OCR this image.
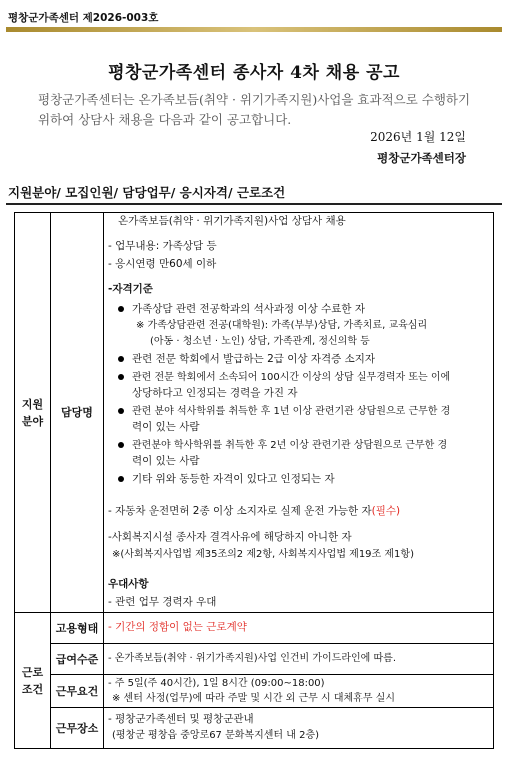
평창군가족센터 제2026-003호
평창군가족센터 종사자 4차 채용 공고
평창군가족센터는 온가족보듬(취약 · 위기가족지원)사업을 효과적으로 수행하기
위하여 상담사 채용을 다음과 같이 공고합니다.
2026년 1월 12일
평창군가족센터장
지원분야/ 모집인원/ 담당업무/ 응시자격/ 근로조건
지원
분야
담당명
온가족보듬(취약 · 위기가족지원)사업 상담사 채용
- 업무내용: 가족상담 등
- 응시연령 만60세 이하
-자격기준
가족상담 관련 전공학과의 석사과정 이상 수료한 자
※ 가족상담관련 전공(대학원): 가족(부부)상담, 가족치료, 교육심리
(아동 · 청소년 · 노인) 상담, 가족관계, 정신의학 등
관련 전문 학회에서 발급하는 2급 이상 자격증 소지자
관련 전문 학회에서 소속되어 100시간 이상의 상담 실무경력자 또는 이에
상당하다고 인정되는 경력을 가진 자
관련 분야 석사학위를 취득한 후 1년 이상 관련기관 상담원으로 근무한 경
력이 있는 사람
관련분야 학사학위를 취득한 후 2년 이상 관련기관 상담원으로 근무한 경
력이 있는 사람
기타 위와 동등한 자격이 있다고 인정되는 자
- 자동차 운전면허 2종 이상 소지자로 실제 운전 가능한 자(필수)
-사회복지시설 종사자 결격사유에 해당하지 아니한 자
※(사회복지사업법 제35조의2 제2항, 사회복지사업법 제19조 제1항)
우대사항
- 관련 업무 경력자 우대
근로
조건
고용형태 - 기간의 정함이 없는 근로계약
급여수준 - 온가족보듬(취약 · 위기가족지원)사업 인건비 가이드라인에 따름.
근무요건
- 주 5일(주 40시간), 1일 8시간 (09:00~18:00)
※ 센터 사정(업무)에 따라 주말 및 시간 외 근무 시 대체휴무 실시
근무장소
- 평창군가족센터 및 평창군관내
(평창군 평창읍 중앙로67 문화복지센터 내 2층)
